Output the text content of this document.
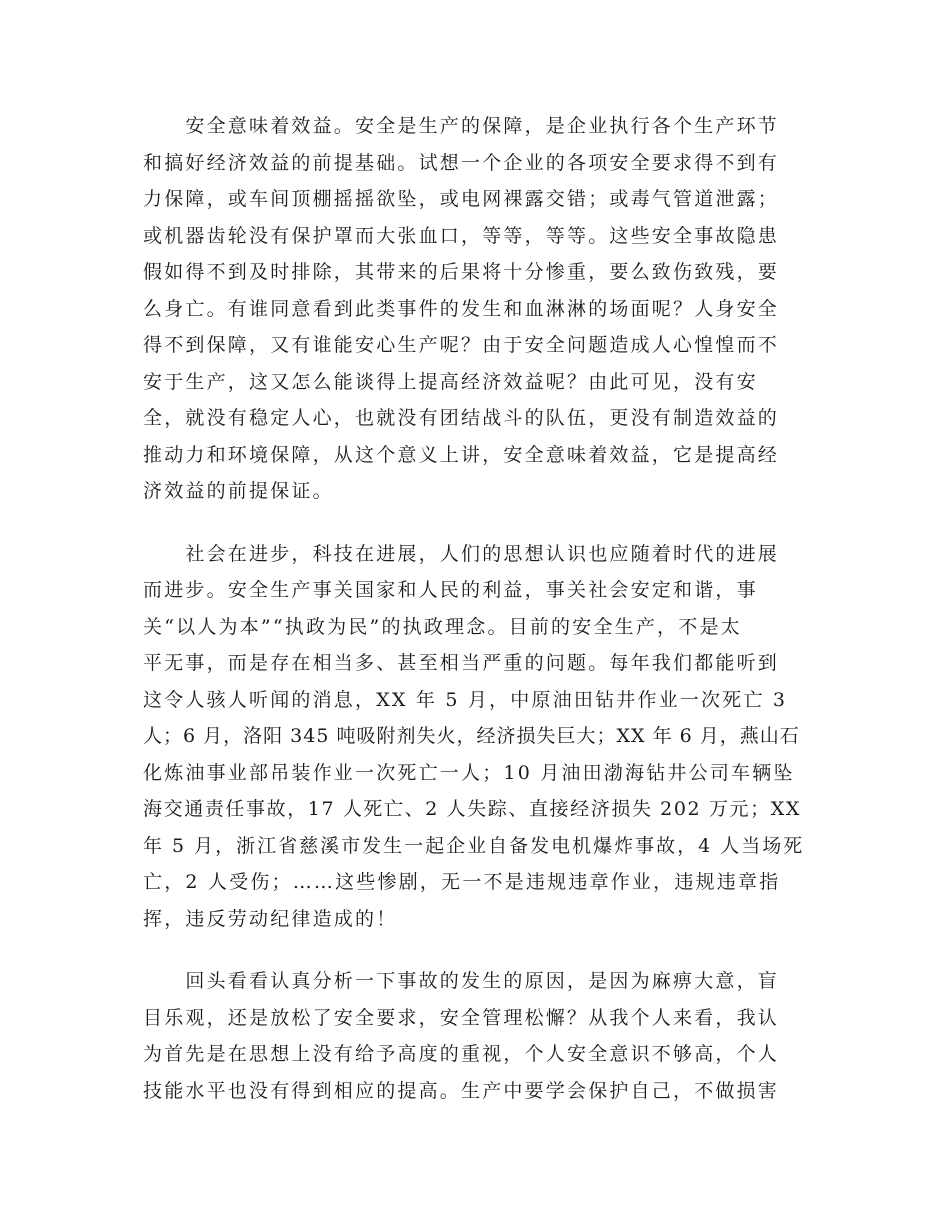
　　安全意味着效益。安全是生产的保障，是企业执行各个生产环节
和搞好经济效益的前提基础。试想一个企业的各项安全要求得不到有
力保障，或车间顶棚摇摇欲坠，或电网裸露交错；或毒气管道泄露；
或机器齿轮没有保护罩而大张血口，等等，等等。这些安全事故隐患
假如得不到及时排除，其带来的后果将十分惨重，要么致伤致残，要
么身亡。有谁同意看到此类事件的发生和血淋淋的场面呢？人身安全
得不到保障，又有谁能安心生产呢？由于安全问题造成人心惶惶而不
安于生产，这又怎么能谈得上提高经济效益呢？由此可见，没有安
全，就没有稳定人心，也就没有团结战斗的队伍，更没有制造效益的
推动力和环境保障，从这个意义上讲，安全意味着效益，它是提高经
济效益的前提保证。
　　社会在进步，科技在进展，人们的思想认识也应随着时代的进展
而进步。安全生产事关国家和人民的利益，事关社会安定和谐，事
关“以人为本”“执政为民”的执政理念。目前的安全生产，不是太
平无事，而是存在相当多、甚至相当严重的问题。每年我们都能听到
这令人骇人听闻的消息，XX 年 5 月，中原油田钻井作业一次死亡 3
人；6 月，洛阳 345 吨吸附剂失火，经济损失巨大；XX 年 6 月，燕山石
化炼油事业部吊装作业一次死亡一人；10 月油田渤海钻井公司车辆坠
海交通责任事故，17 人死亡、2 人失踪、直接经济损失 202 万元；XX
年 5 月，浙江省慈溪市发生一起企业自备发电机爆炸事故，4 人当场死
亡，2 人受伤；……这些惨剧，无一不是违规违章作业，违规违章指
挥，违反劳动纪律造成的！
　　回头看看认真分析一下事故的发生的原因，是因为麻痹大意，盲
目乐观，还是放松了安全要求，安全管理松懈？从我个人来看，我认
为首先是在思想上没有给予高度的重视，个人安全意识不够高，个人
技能水平也没有得到相应的提高。生产中要学会保护自己，不做损害
